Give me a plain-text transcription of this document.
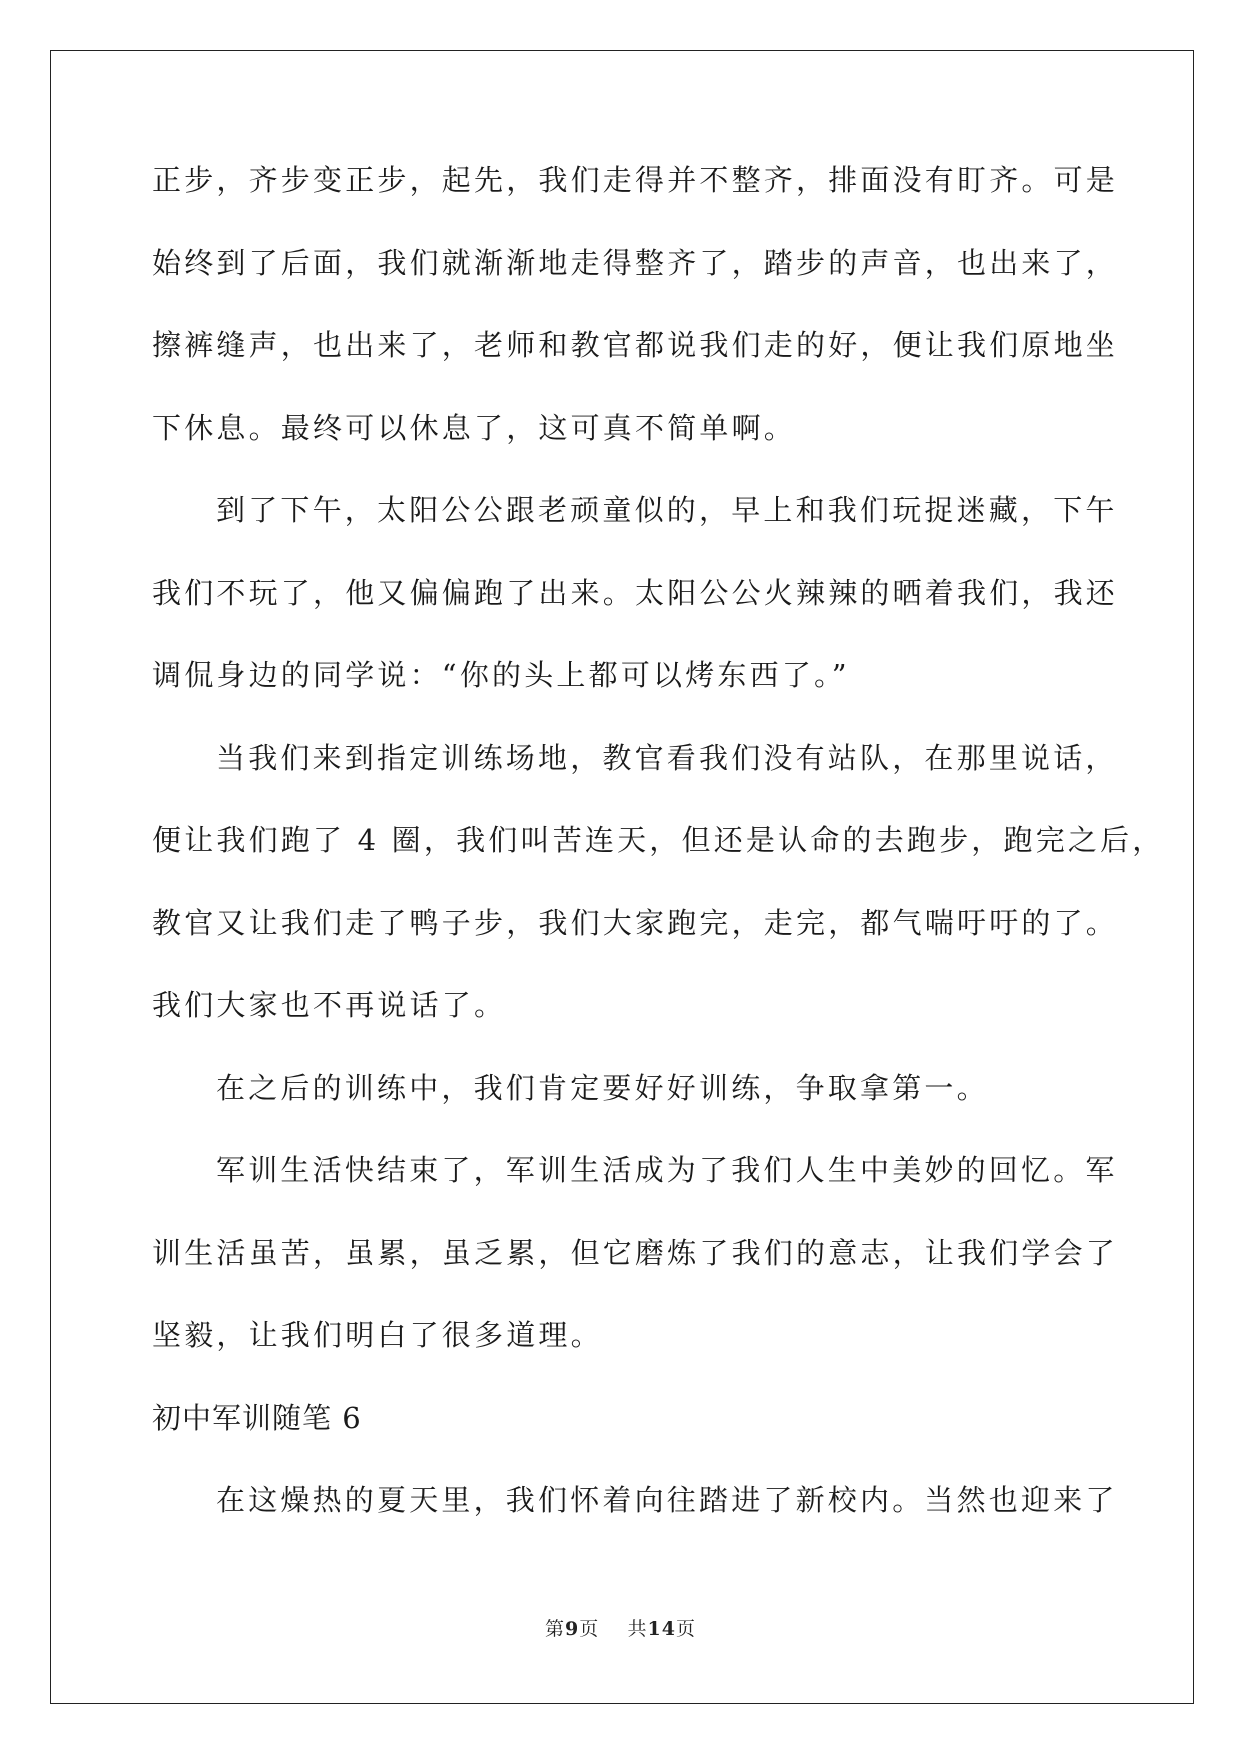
正步，齐步变正步，起先，我们走得并不整齐，排面没有盯齐。可是
始终到了后面，我们就渐渐地走得整齐了，踏步的声音，也出来了，
擦裤缝声，也出来了，老师和教官都说我们走的好，便让我们原地坐
下休息。最终可以休息了，这可真不简单啊。
到了下午，太阳公公跟老顽童似的，早上和我们玩捉迷藏，下午
我们不玩了，他又偏偏跑了出来。太阳公公火辣辣的晒着我们，我还
调侃身边的同学说：“你的头上都可以烤东西了。”
当我们来到指定训练场地，教官看我们没有站队，在那里说话，
便让我们跑了 4 圈，我们叫苦连天，但还是认命的去跑步，跑完之后，
教官又让我们走了鸭子步，我们大家跑完，走完，都气喘吁吁的了。
我们大家也不再说话了。
在之后的训练中，我们肯定要好好训练，争取拿第一。
军训生活快结束了，军训生活成为了我们人生中美妙的回忆。军
训生活虽苦，虽累，虽乏累，但它磨炼了我们的意志，让我们学会了
坚毅，让我们明白了很多道理。
初中军训随笔 6
在这燥热的夏天里，我们怀着向往踏进了新校内。当然也迎来了
第9页 共14页
